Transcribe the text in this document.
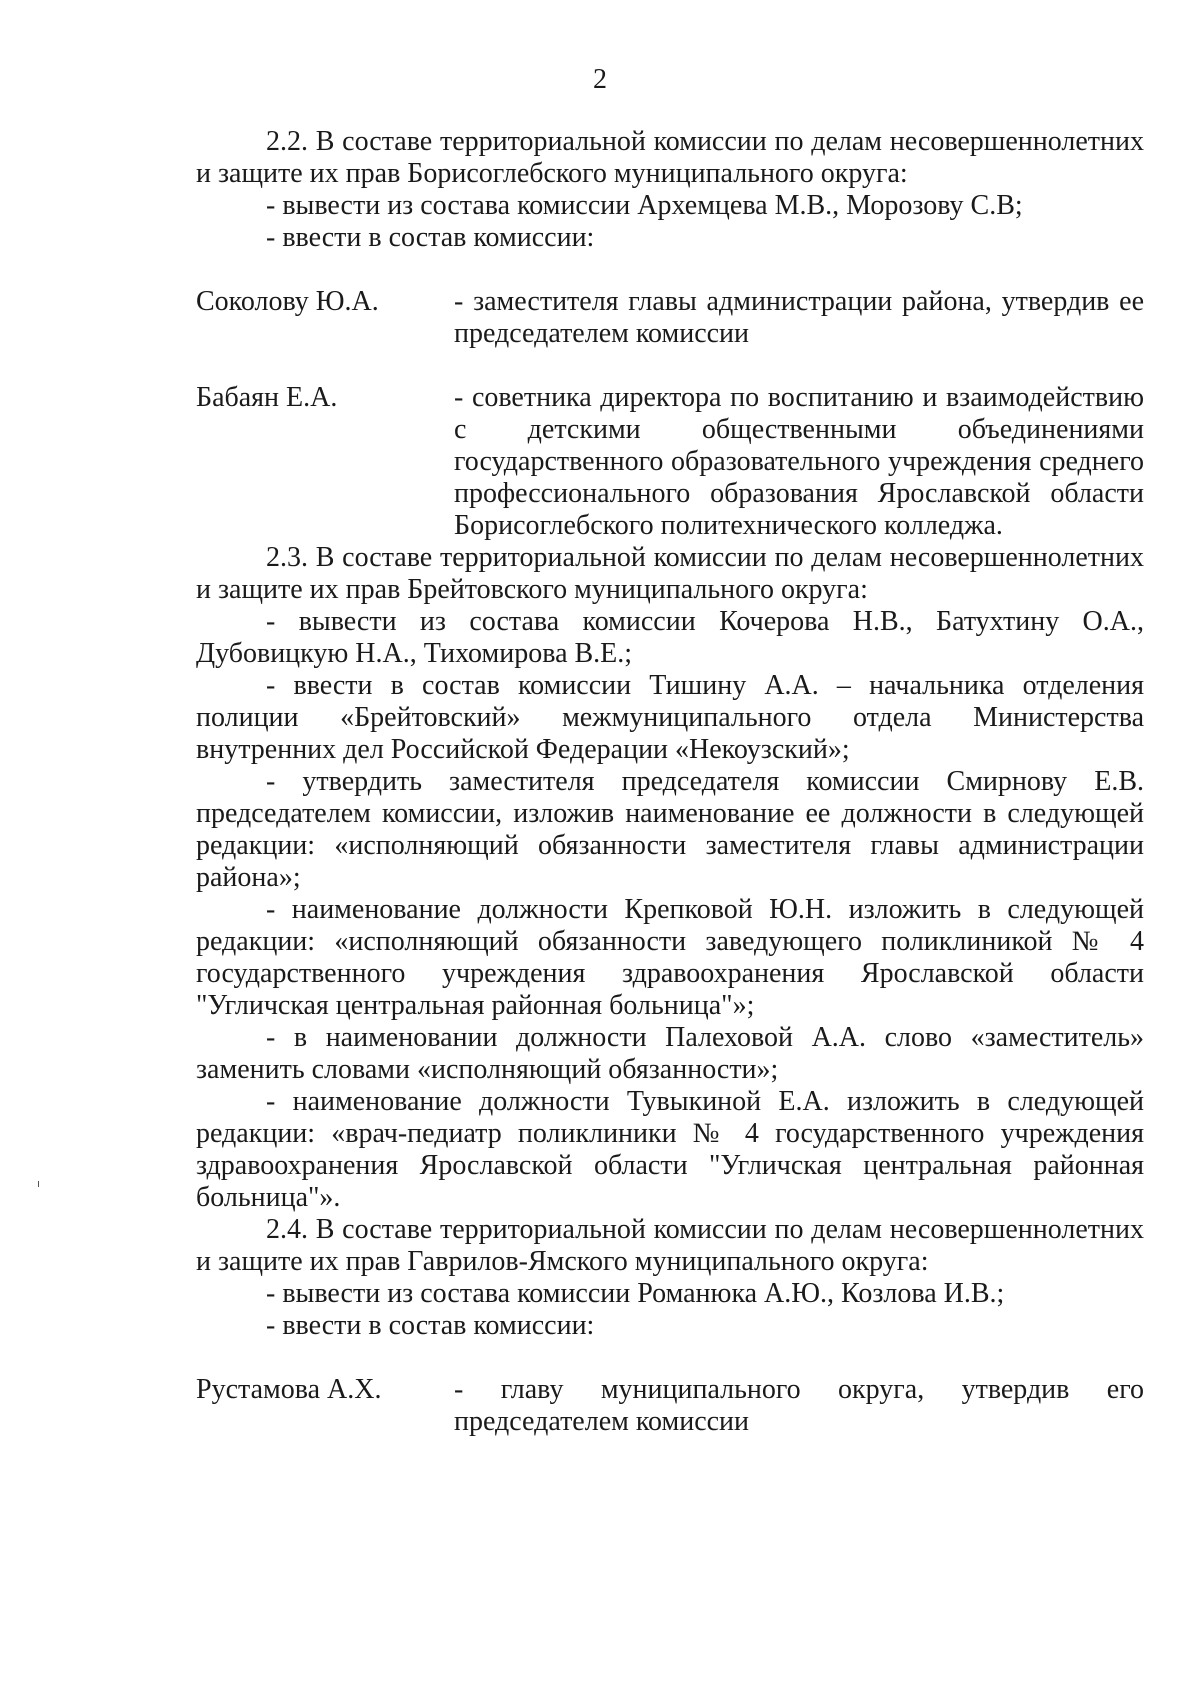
2

2.2. В составе территориальной комиссии по делам несовершеннолетних и защите их прав Борисоглебского муниципального округа:

- вывести из состава комиссии Архемцева М.В., Морозову С.В;

- ввести в состав комиссии:

Соколову Ю.А.	- заместителя главы администрации района, утвердив ее председателем комиссии
Бабаян Е.А.	- советника директора по воспитанию и взаимодействию с детскими общественными объединениями государственного образовательного учреждения среднего профессионального образования Ярославской области Борисоглебского политехнического колледжа.

2.3. В составе территориальной комиссии по делам несовершеннолетних и защите их прав Брейтовского муниципального округа:

- вывести из состава комиссии Кочерова Н.В., Батухтину О.А., Дубовицкую Н.А., Тихомирова В.Е.;

- ввести в состав комиссии Тишину А.А. – начальника отделения полиции «Брейтовский» межмуниципального отдела Министерства внутренних дел Российской Федерации «Некоузский»;

- утвердить заместителя председателя комиссии Смирнову Е.В. председателем комиссии, изложив наименование ее должности в следующей редакции: «исполняющий обязанности заместителя главы администрации района»;

- наименование должности Крепковой Ю.Н. изложить в следующей редакции: «исполняющий обязанности заведующего поликлиникой № 4 государственного учреждения здравоохранения Ярославской области "Угличская центральная районная больница"»;

- в наименовании должности Палеховой А.А. слово «заместитель» заменить словами «исполняющий обязанности»;

- наименование должности Тувыкиной Е.А. изложить в следующей редакции: «врач-педиатр поликлиники № 4 государственного учреждения здравоохранения Ярославской области "Угличская центральная районная больница"».

2.4. В составе территориальной комиссии по делам несовершеннолетних и защите их прав Гаврилов-Ямского муниципального округа:

- вывести из состава комиссии Романюка А.Ю., Козлова И.В.;

- ввести в состав комиссии:

Рустамова А.Х.	- главу муниципального округа, утвердив его председателем комиссии
